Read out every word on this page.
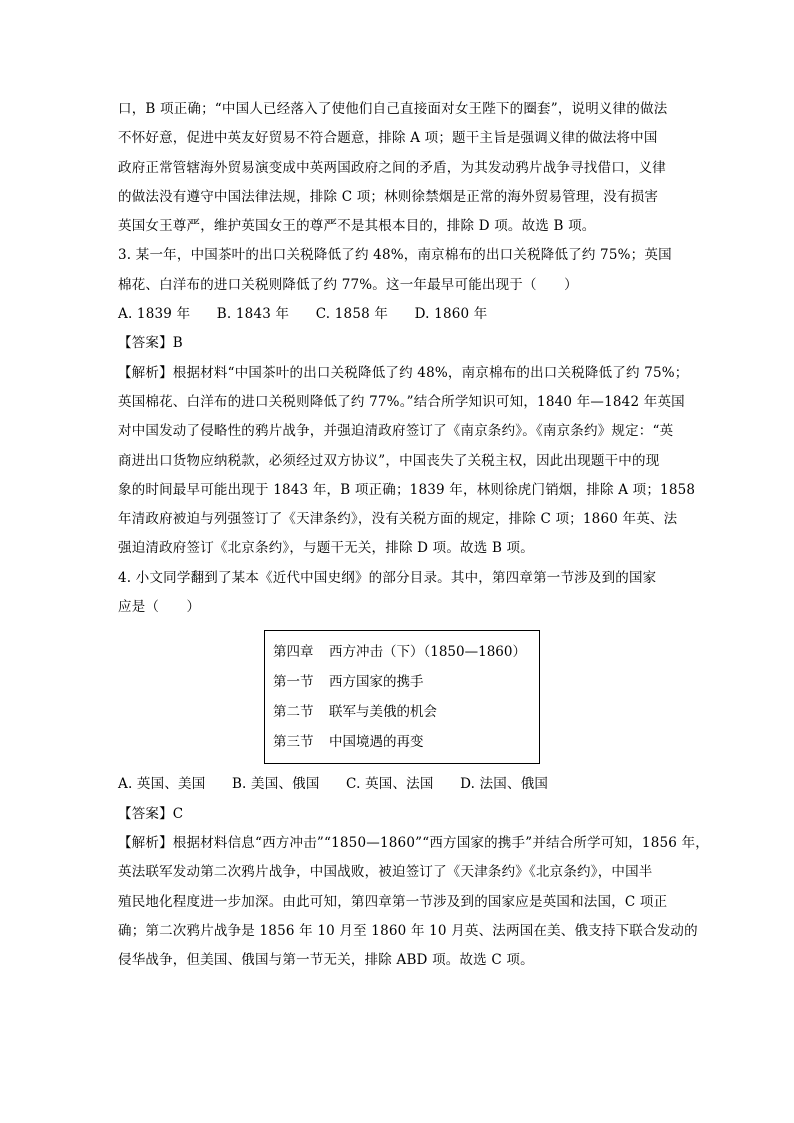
口，B 项正确；“中国人已经落入了使他们自己直接面对女王陛下的圈套”，说明义律的做法
不怀好意，促进中英友好贸易不符合题意，排除 A 项；题干主旨是强调义律的做法将中国
政府正常管辖海外贸易演变成中英两国政府之间的矛盾，为其发动鸦片战争寻找借口，义律
的做法没有遵守中国法律法规，排除 C 项；林则徐禁烟是正常的海外贸易管理，没有损害
英国女王尊严，维护英国女王的尊严不是其根本目的，排除 D 项。故选 B 项。
3. 某一年，中国茶叶的出口关税降低了约 48%，南京棉布的出口关税降低了约 75%；英国
棉花、白洋布的进口关税则降低了约 77%。这一年最早可能出现于（　　）
A. 1839 年 B. 1843 年 C. 1858 年 D. 1860 年
【答案】B
【解析】根据材料“中国茶叶的出口关税降低了约 48%，南京棉布的出口关税降低了约 75%；
英国棉花、白洋布的进口关税则降低了约 77%。”结合所学知识可知，1840 年—1842 年英国
对中国发动了侵略性的鸦片战争，并强迫清政府签订了《南京条约》。《南京条约》规定：“英
商进出口货物应纳税款，必须经过双方协议”，中国丧失了关税主权，因此出现题干中的现
象的时间最早可能出现于 1843 年，B 项正确；1839 年，林则徐虎门销烟，排除 A 项；1858
年清政府被迫与列强签订了《天津条约》，没有关税方面的规定，排除 C 项；1860 年英、法
强迫清政府签订《北京条约》，与题干无关，排除 D 项。故选 B 项。
4. 小文同学翻到了某本《近代中国史纲》的部分目录。其中，第四章第一节涉及到的国家
应是（　　）
第四章 西方冲击（下）（1850—1860）
第一节 西方国家的携手
第二节 联军与美俄的机会
第三节 中国境遇的再变
A. 英国、美国 B. 美国、俄国 C. 英国、法国 D. 法国、俄国
【答案】C
【解析】根据材料信息“西方冲击”“1850—1860”“西方国家的携手”并结合所学可知，1856 年，
英法联军发动第二次鸦片战争，中国战败，被迫签订了《天津条约》《北京条约》，中国半
殖民地化程度进一步加深。由此可知，第四章第一节涉及到的国家应是英国和法国，C 项正
确；第二次鸦片战争是 1856 年 10 月至 1860 年 10 月英、法两国在美、俄支持下联合发动的
侵华战争，但美国、俄国与第一节无关，排除 ABD 项。故选 C 项。
